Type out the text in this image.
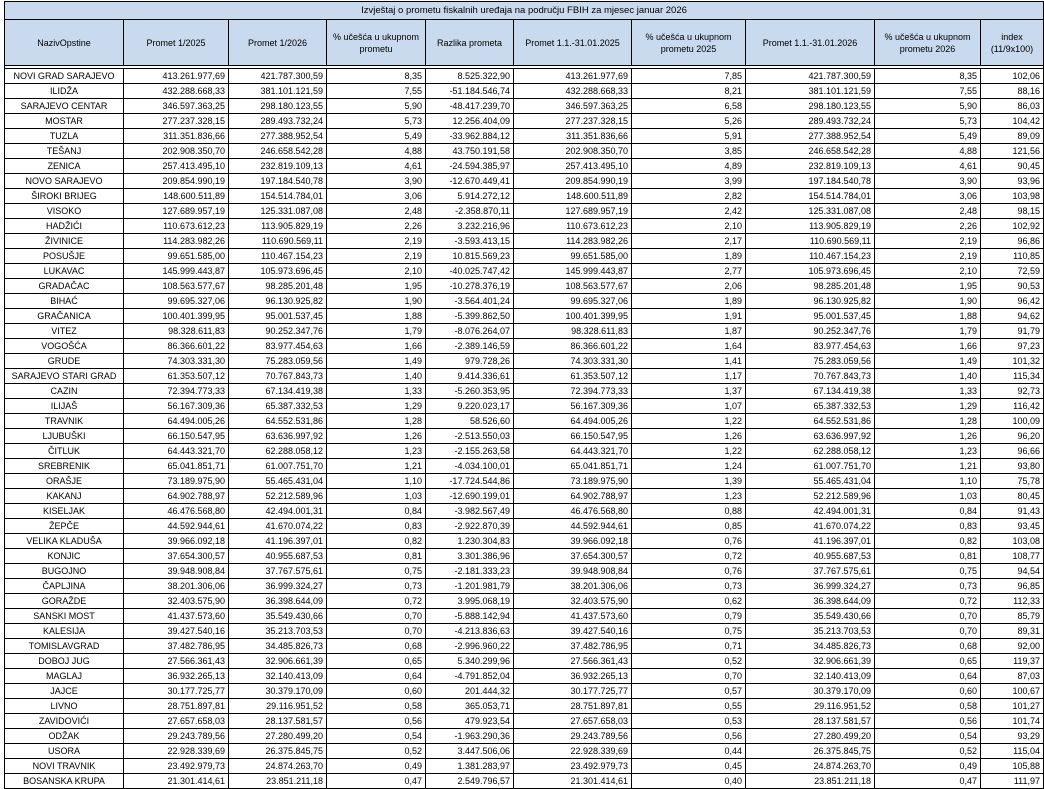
Izvještaj o prometu fiskalnih uređaja na području FBIH za mjesec januar 2026									
NazivOpstine	Promet 1/2025	Promet 1/2026	% učešća u ukupnom prometu	Razlika prometa	Promet 1.1.-31.01.2025	% učešća u ukupnom prometu 2025	Promet 1.1.-31.01.2026	% učešća u ukupnom prometu 2026	index (11/9x100)

NOVI GRAD SARAJEVO	413.261.977,69	421.787.300,59	8,35	8.525.322,90	413.261.977,69	7,85	421.787.300,59	8,35	102,06
ILIDŽA	432.288.668,33	381.101.121,59	7,55	-51.184.546,74	432.288.668,33	8,21	381.101.121,59	7,55	88,16
SARAJEVO CENTAR	346.597.363,25	298.180.123,55	5,90	-48.417.239,70	346.597.363,25	6,58	298.180.123,55	5,90	86,03
MOSTAR	277.237.328,15	289.493.732,24	5,73	12.256.404,09	277.237.328,15	5,26	289.493.732,24	5,73	104,42
TUZLA	311.351.836,66	277.388.952,54	5,49	-33.962.884,12	311.351.836,66	5,91	277.388.952,54	5,49	89,09
TEŠANJ	202.908.350,70	246.658.542,28	4,88	43.750.191,58	202.908.350,70	3,85	246.658.542,28	4,88	121,56
ZENICA	257.413.495,10	232.819.109,13	4,61	-24.594.385,97	257.413.495,10	4,89	232.819.109,13	4,61	90,45
NOVO SARAJEVO	209.854.990,19	197.184.540,78	3,90	-12.670.449,41	209.854.990,19	3,99	197.184.540,78	3,90	93,96
ŠIROKI BRIJEG	148.600.511,89	154.514.784,01	3,06	5.914.272,12	148.600.511,89	2,82	154.514.784,01	3,06	103,98
VISOKO	127.689.957,19	125.331.087,08	2,48	-2.358.870,11	127.689.957,19	2,42	125.331.087,08	2,48	98,15
HADŽIĆI	110.673.612,23	113.905.829,19	2,26	3.232.216,96	110.673.612,23	2,10	113.905.829,19	2,26	102,92
ŽIVINICE	114.283.982,26	110.690.569,11	2,19	-3.593.413,15	114.283.982,26	2,17	110.690.569,11	2,19	96,86
POSUŠJE	99.651.585,00	110.467.154,23	2,19	10.815.569,23	99.651.585,00	1,89	110.467.154,23	2,19	110,85
LUKAVAC	145.999.443,87	105.973.696,45	2,10	-40.025.747,42	145.999.443,87	2,77	105.973.696,45	2,10	72,59
GRADAČAC	108.563.577,67	98.285.201,48	1,95	-10.278.376,19	108.563.577,67	2,06	98.285.201,48	1,95	90,53
BIHAĆ	99.695.327,06	96.130.925,82	1,90	-3.564.401,24	99.695.327,06	1,89	96.130.925,82	1,90	96,42
GRAČANICA	100.401.399,95	95.001.537,45	1,88	-5.399.862,50	100.401.399,95	1,91	95.001.537,45	1,88	94,62
VITEZ	98.328.611,83	90.252.347,76	1,79	-8.076.264,07	98.328.611,83	1,87	90.252.347,76	1,79	91,79
VOGOŠĆA	86.366.601,22	83.977.454,63	1,66	-2.389.146,59	86.366.601,22	1,64	83.977.454,63	1,66	97,23
GRUDE	74.303.331,30	75.283.059,56	1,49	979.728,26	74.303.331,30	1,41	75.283.059,56	1,49	101,32
SARAJEVO STARI GRAD	61.353.507,12	70.767.843,73	1,40	9.414.336,61	61.353.507,12	1,17	70.767.843,73	1,40	115,34
CAZIN	72.394.773,33	67.134.419,38	1,33	-5.260.353,95	72.394.773,33	1,37	67.134.419,38	1,33	92,73
ILIJAŠ	56.167.309,36	65.387.332,53	1,29	9.220.023,17	56.167.309,36	1,07	65.387.332,53	1,29	116,42
TRAVNIK	64.494.005,26	64.552.531,86	1,28	58.526,60	64.494.005,26	1,22	64.552.531,86	1,28	100,09
LJUBUŠKI	66.150.547,95	63.636.997,92	1,26	-2.513.550,03	66.150.547,95	1,26	63.636.997,92	1,26	96,20
ČITLUK	64.443.321,70	62.288.058,12	1,23	-2.155.263,58	64.443.321,70	1,22	62.288.058,12	1,23	96,66
SREBRENIK	65.041.851,71	61.007.751,70	1,21	-4.034.100,01	65.041.851,71	1,24	61.007.751,70	1,21	93,80
ORAŠJE	73.189.975,90	55.465.431,04	1,10	-17.724.544,86	73.189.975,90	1,39	55.465.431,04	1,10	75,78
KAKANJ	64.902.788,97	52.212.589,96	1,03	-12.690.199,01	64.902.788,97	1,23	52.212.589,96	1,03	80,45
KISELJAK	46.476.568,80	42.494.001,31	0,84	-3.982.567,49	46.476.568,80	0,88	42.494.001,31	0,84	91,43
ŽEPČE	44.592.944,61	41.670.074,22	0,83	-2.922.870,39	44.592.944,61	0,85	41.670.074,22	0,83	93,45
VELIKA KLADUŠA	39.966.092,18	41.196.397,01	0,82	1.230.304,83	39.966.092,18	0,76	41.196.397,01	0,82	103,08
KONJIC	37.654.300,57	40.955.687,53	0,81	3.301.386,96	37.654.300,57	0,72	40.955.687,53	0,81	108,77
BUGOJNO	39.948.908,84	37.767.575,61	0,75	-2.181.333,23	39.948.908,84	0,76	37.767.575,61	0,75	94,54
ČAPLJINA	38.201.306,06	36.999.324,27	0,73	-1.201.981,79	38.201.306,06	0,73	36.999.324,27	0,73	96,85
GORAŽDE	32.403.575,90	36.398.644,09	0,72	3.995.068,19	32.403.575,90	0,62	36.398.644,09	0,72	112,33
SANSKI MOST	41.437.573,60	35.549.430,66	0,70	-5.888.142,94	41.437.573,60	0,79	35.549.430,66	0,70	85,79
KALESIJA	39.427.540,16	35.213.703,53	0,70	-4.213.836,63	39.427.540,16	0,75	35.213.703,53	0,70	89,31
TOMISLAVGRAD	37.482.786,95	34.485.826,73	0,68	-2.996.960,22	37.482.786,95	0,71	34.485.826,73	0,68	92,00
DOBOJ JUG	27.566.361,43	32.906.661,39	0,65	5.340.299,96	27.566.361,43	0,52	32.906.661,39	0,65	119,37
MAGLAJ	36.932.265,13	32.140.413,09	0,64	-4.791.852,04	36.932.265,13	0,70	32.140.413,09	0,64	87,03
JAJCE	30.177.725,77	30.379.170,09	0,60	201.444,32	30.177.725,77	0,57	30.379.170,09	0,60	100,67
LIVNO	28.751.897,81	29.116.951,52	0,58	365.053,71	28.751.897,81	0,55	29.116.951,52	0,58	101,27
ZAVIDOVIĆI	27.657.658,03	28.137.581,57	0,56	479.923,54	27.657.658,03	0,53	28.137.581,57	0,56	101,74
ODŽAK	29.243.789,56	27.280.499,20	0,54	-1.963.290,36	29.243.789,56	0,56	27.280.499,20	0,54	93,29
USORA	22.928.339,69	26.375.845,75	0,52	3.447.506,06	22.928.339,69	0,44	26.375.845,75	0,52	115,04
NOVI TRAVNIK	23.492.979,73	24.874.263,70	0,49	1.381.283,97	23.492.979,73	0,45	24.874.263,70	0,49	105,88
BOSANSKA KRUPA	21.301.414,61	23.851.211,18	0,47	2.549.796,57	21.301.414,61	0,40	23.851.211,18	0,47	111,97
